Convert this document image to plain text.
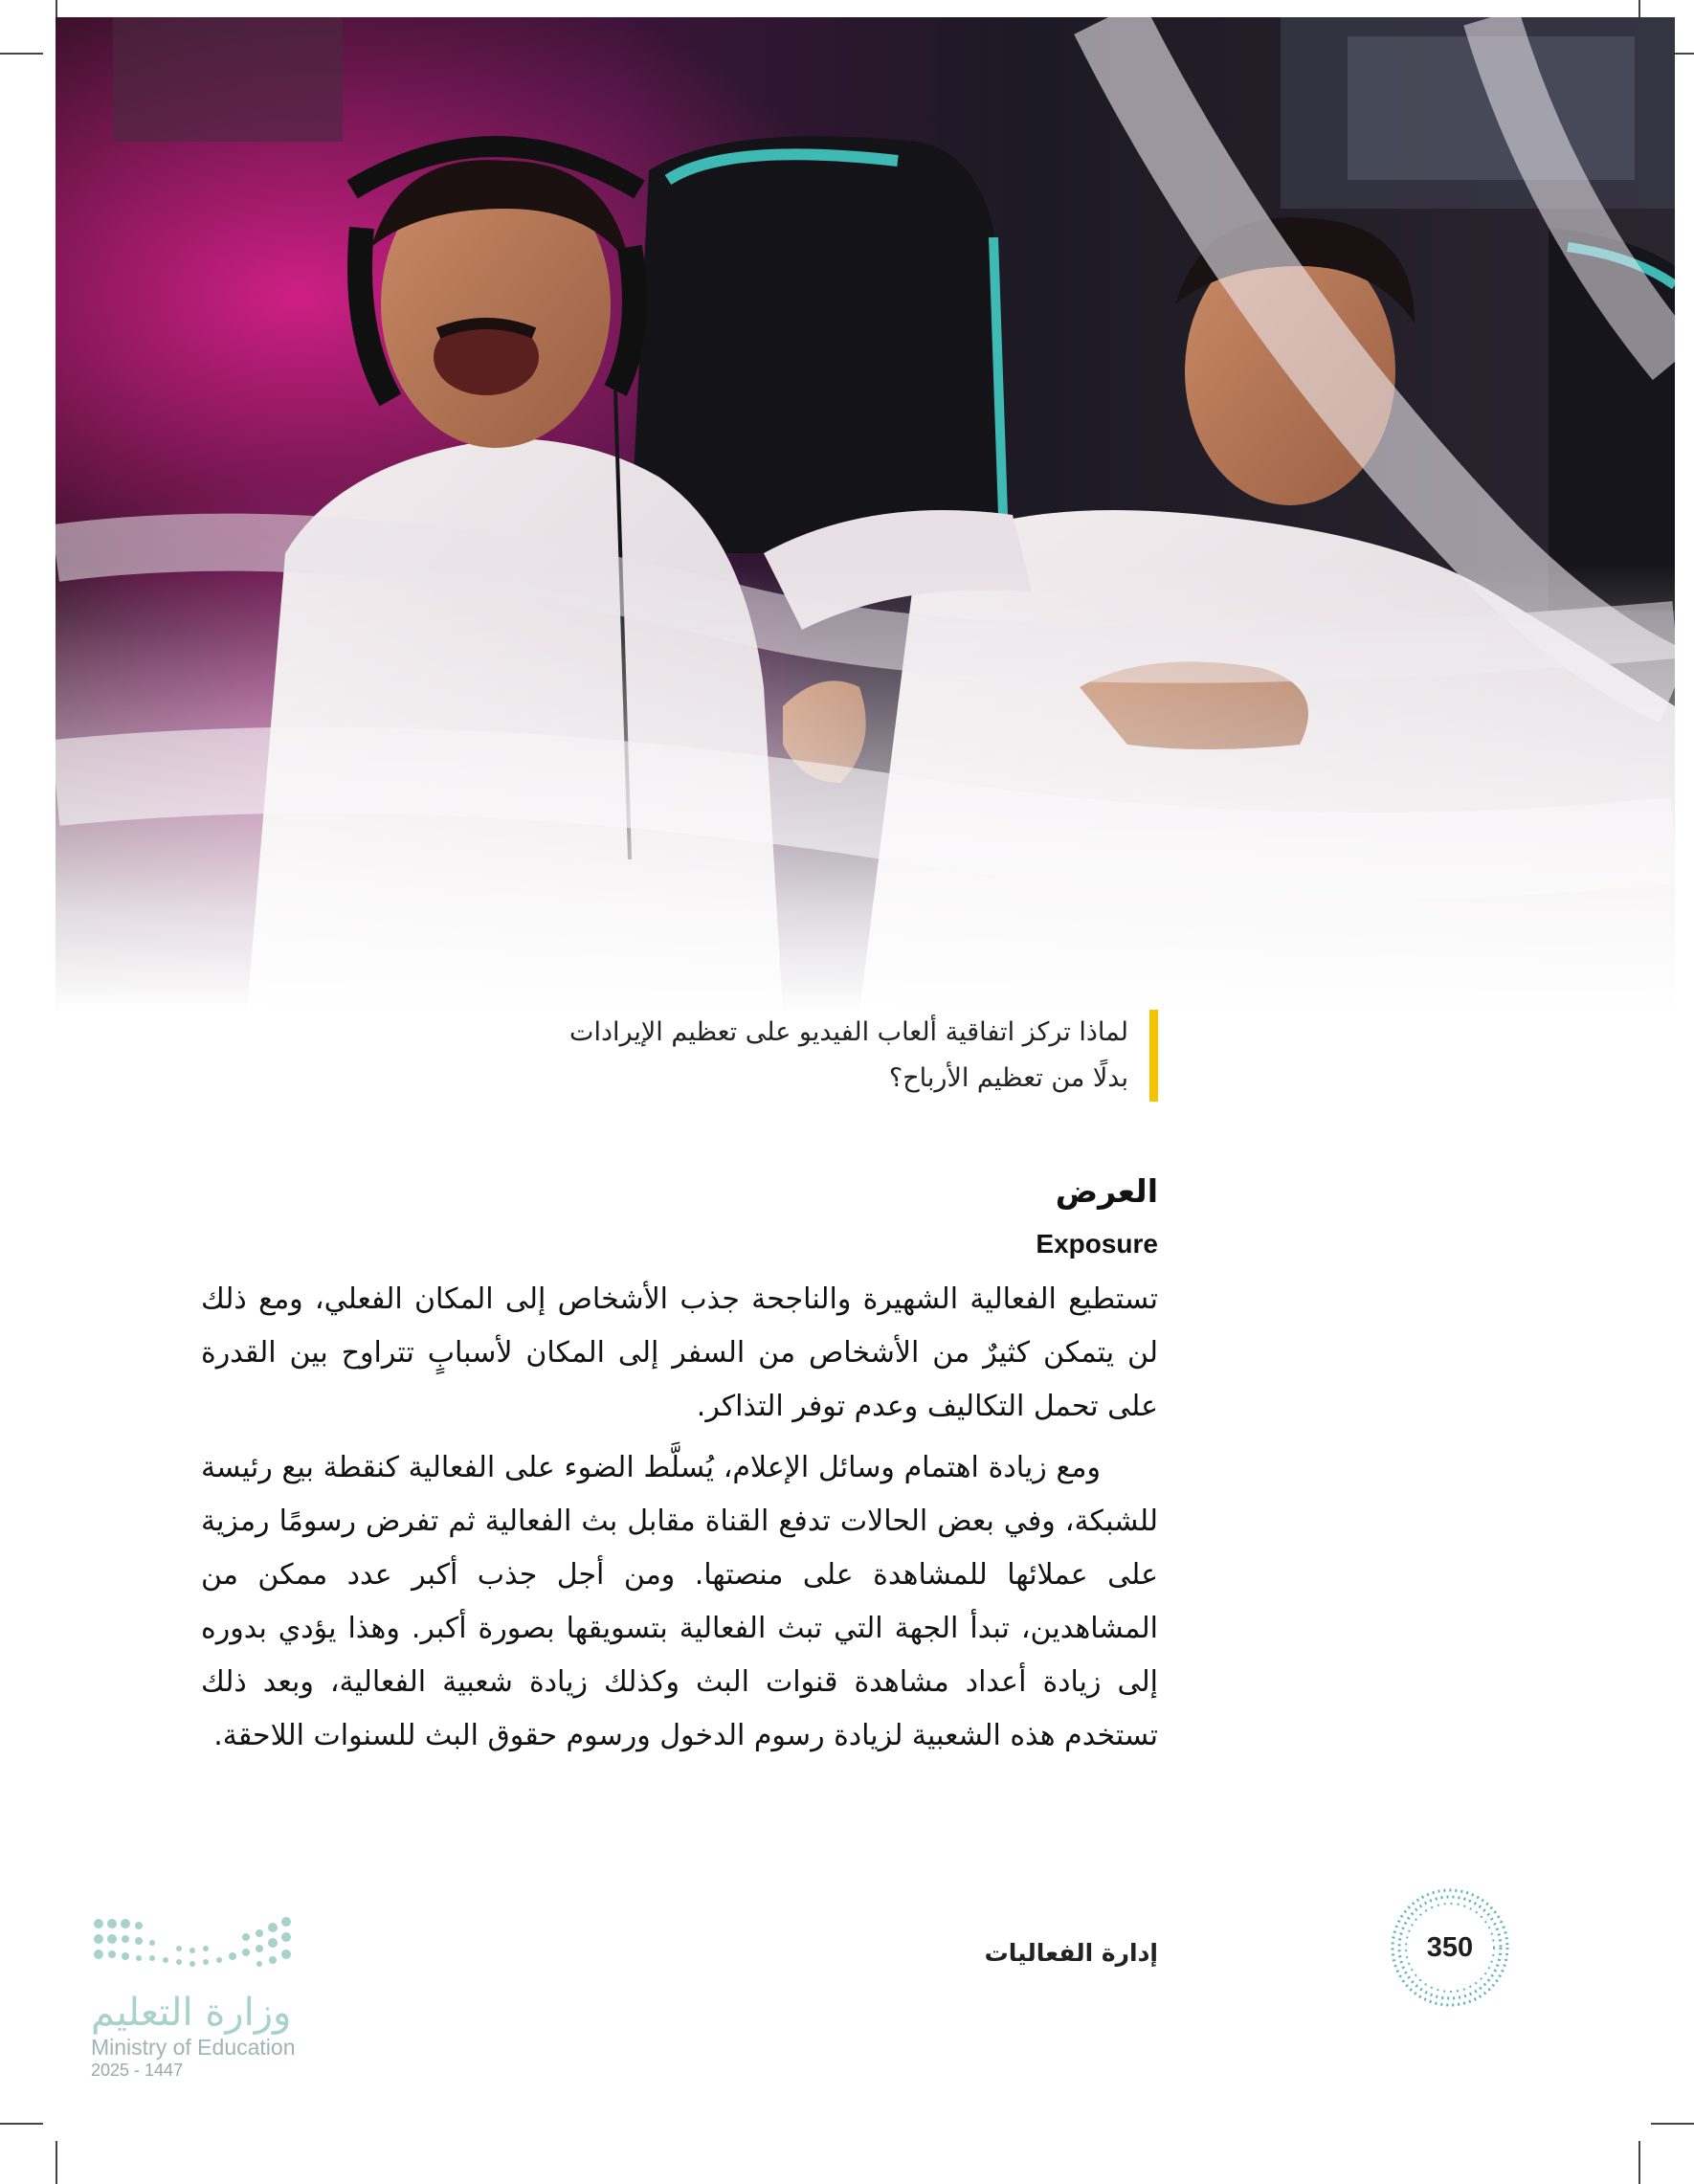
لماذا تركز اتفاقية ألعاب الفيديو على تعظيم الإيرادات

بدلًا من تعظيم الأرباح؟

العرض
Exposure

تستطيع الفعالية الشهيرة والناجحة جذب الأشخاص إلى المكان الفعلي، ومع ذلك لن يتمكن كثيرٌ من الأشخاص من السفر إلى المكان لأسبابٍ تتراوح بين القدرة على تحمل التكاليف وعدم توفر التذاكر.

ومع زيادة اهتمام وسائل الإعلام، يُسلَّط الضوء على الفعالية كنقطة بيع رئيسة للشبكة، وفي بعض الحالات تدفع القناة مقابل بث الفعالية ثم تفرض رسومًا رمزية على عملائها للمشاهدة على منصتها. ومن أجل جذب أكبر عدد ممكن من المشاهدين، تبدأ الجهة التي تبث الفعالية بتسويقها بصورة أكبر. وهذا يؤدي بدوره إلى زيادة أعداد مشاهدة قنوات البث وكذلك زيادة شعبية الفعالية، وبعد ذلك تستخدم هذه الشعبية لزيادة رسوم الدخول ورسوم حقوق البث للسنوات اللاحقة.

350
إدارة الفعاليات
وزارة التعليم
Ministry of Education
2025 - 1447
